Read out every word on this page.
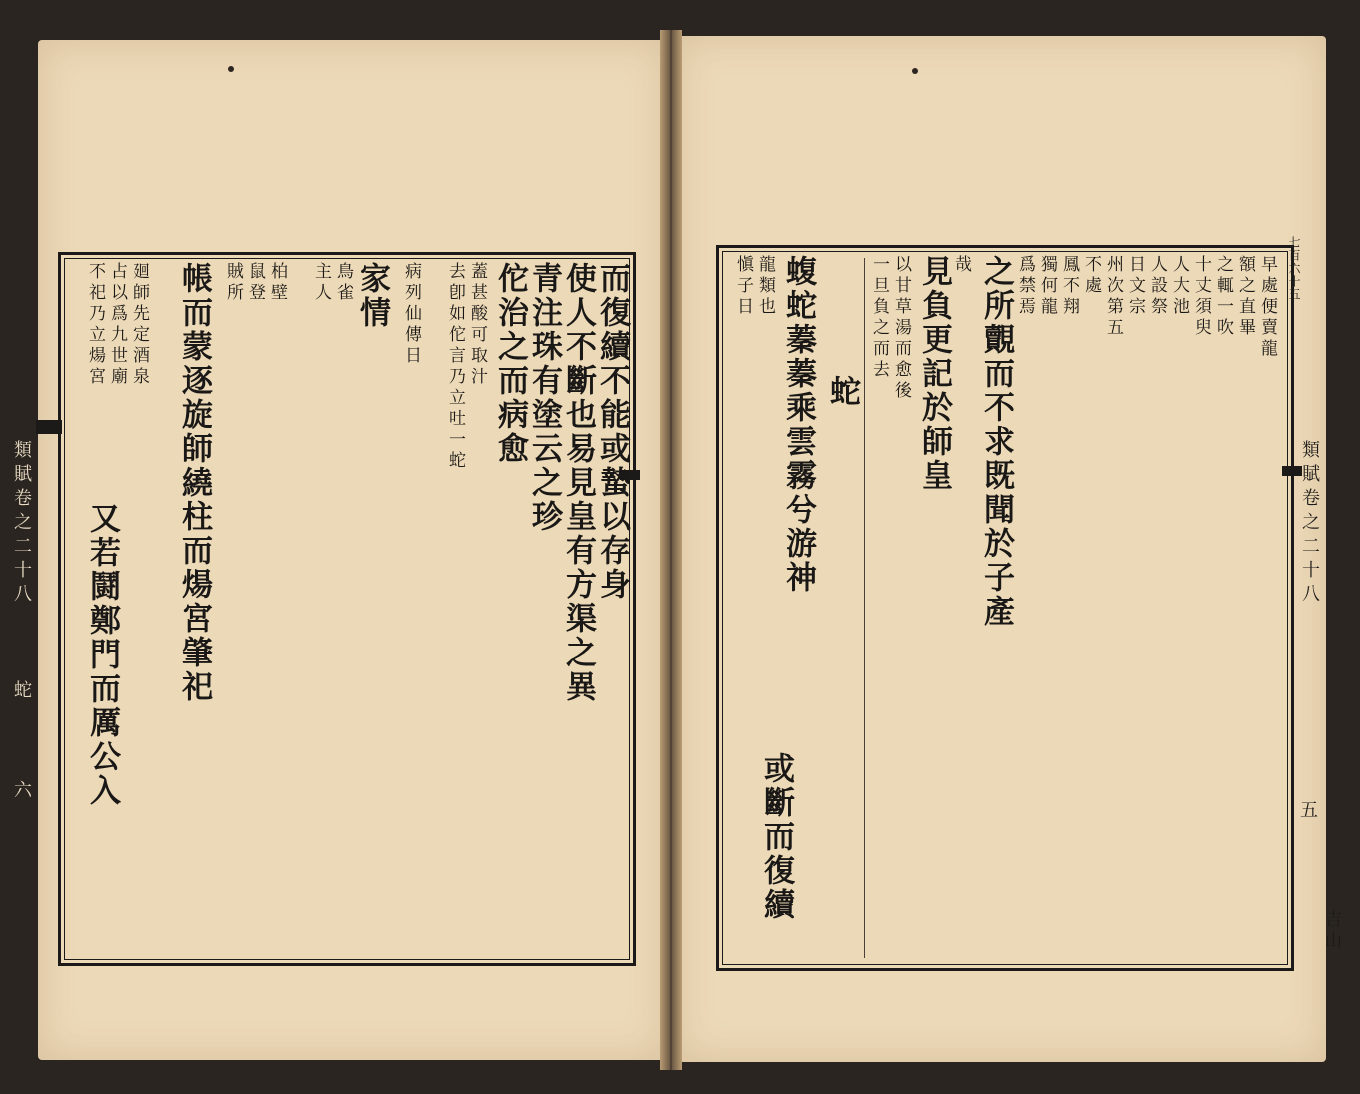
而復續不能或蟄以存身
使人不斷也易見皇有方渠之異
青注珠有塗云之珍
佗治之而病愈
蓋甚酸可取汁
去卽如佗言乃立吐一蛇
病列仙傳日
家情
鳥雀
主人
柏壁
鼠登
賊所
帳而蒙逐旋師繞柱而煬宮肇祀
廻師先定酒泉
占以爲九世廟
不祀乃立煬宮
又若鬪鄭門而厲公入
類賦卷之二十八
蛇
六
早處便賣龍
額之直畢
之輒一吹
十丈須臾
人大池
人設祭
日文宗
州次第五
不處
鳳不翔
獨何龍
爲禁焉
之所覿而不求既聞於子產
哉
見負更記於師皇
以甘草湯而愈後
蛇
一旦負之而去
蝮蛇蓁蓁乘雲霧兮游神
龍類也
愼子日
或斷而復續
類賦卷之二十八
五
吉山
七百六十五
